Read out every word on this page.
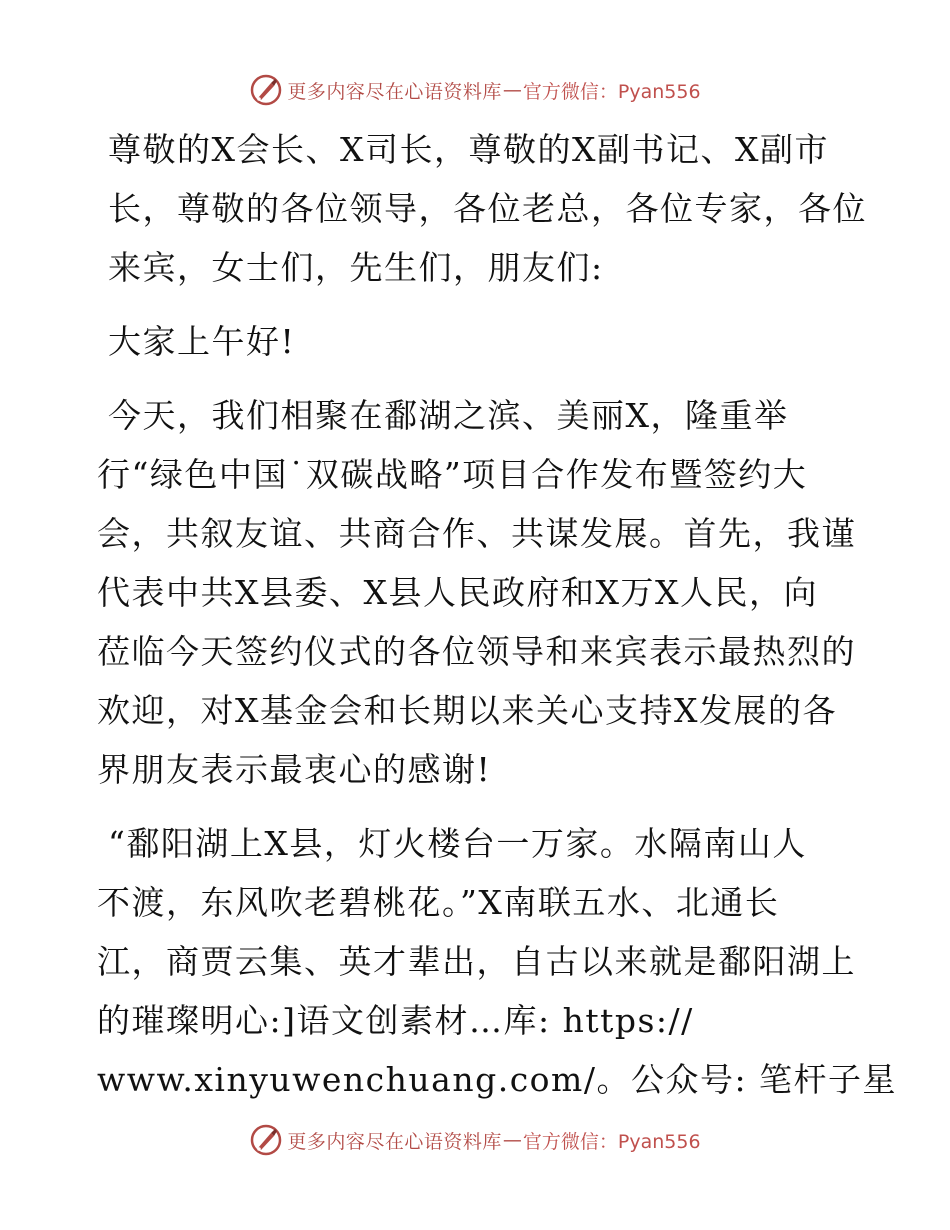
更多内容尽在心语资料库 — 官方微信：Pyan556

尊敬的X会长、X司长，尊敬的X副书记、X副市
长，尊敬的各位领导，各位老总，各位专家，各位
来宾，女士们，先生们，朋友们:

大家上午好!

今天，我们相聚在鄱湖之滨、美丽X，隆重举
行“绿色中国˙双碳战略”项目合作发布暨签约大
会，共叙友谊、共商合作、共谋发展。首先，我谨
代表中共X县委、X县人民政府和X万X人民，向
莅临今天签约仪式的各位领导和来宾表示最热烈的
欢迎，对X基金会和长期以来关心支持X发展的各
界朋友表示最衷心的感谢!

“鄱阳湖上X县，灯火楼台一万家。水隔南山人
不渡，东风吹老碧桃花。”X南联五水、北通长
江，商贾云集、英才辈出，自古以来就是鄱阳湖上
的璀璨明心:]语文创素材…库: https://
www.xinyuwenchuang.com/。公众号: 笔杆子星

更多内容尽在心语资料库 — 官方微信：Pyan556
